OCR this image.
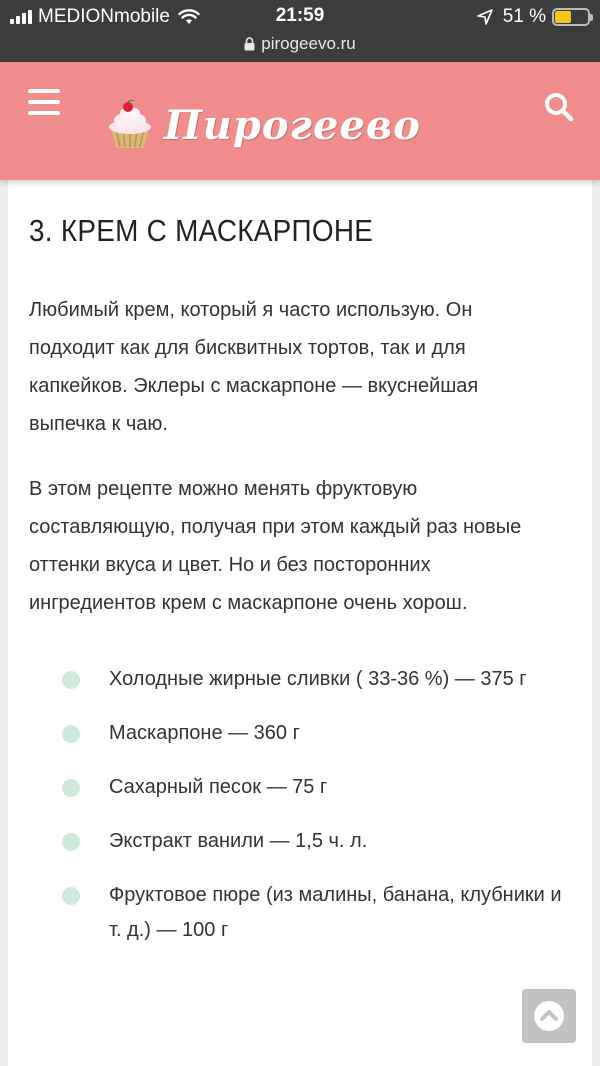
MEDIONmobile	21:59	51 %
pirogeevo.ru
Пирогеево
3. КРЕМ С МАСКАРПОНЕ

Любимый крем, который я часто использую. Он подходит как для бисквитных тортов, так и для капкейков. Эклеры с маскарпоне — вкуснейшая выпечка к чаю.

В этом рецепте можно менять фруктовую составляющую, получая при этом каждый раз новые оттенки вкуса и цвет. Но и без посторонних ингредиентов крем с маскарпоне очень хорош.

Холодные жирные сливки ( 33-36 %) — 375 г
Маскарпоне — 360 г
Сахарный песок — 75 г
Экстракт ванили — 1,5 ч. л.
Фруктовое пюре (из малины, банана, клубники и т. д.) — 100 г
